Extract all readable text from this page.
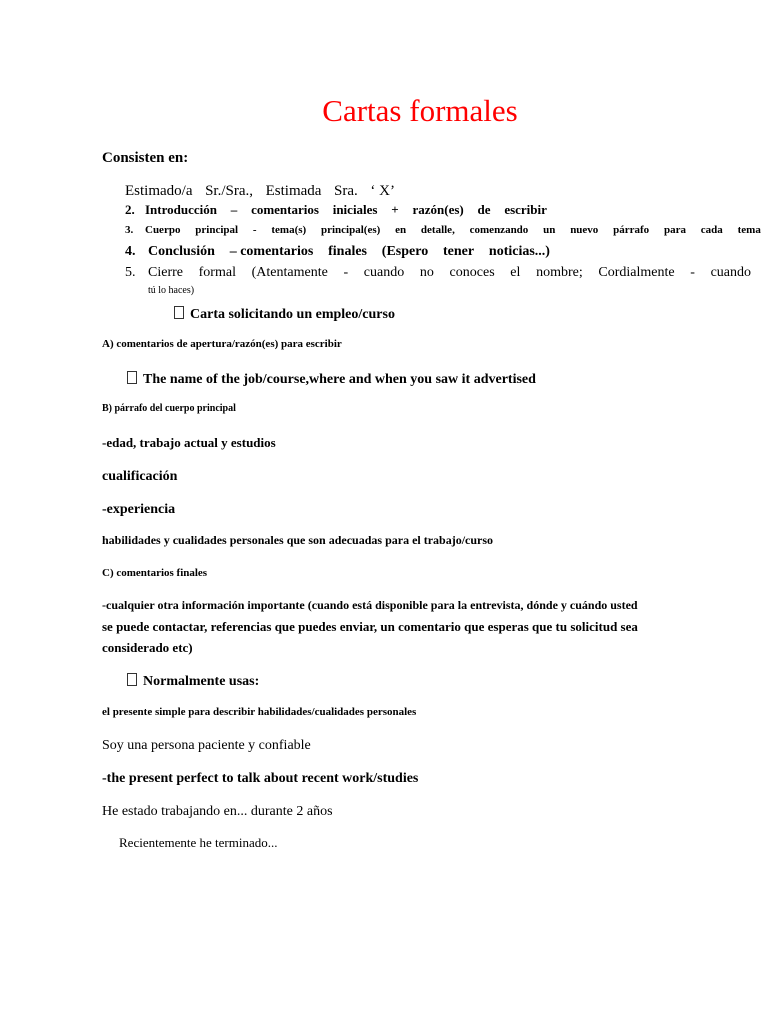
Cartas formales
Consisten en:
Estimado/a Sr./Sra., Estimada Sra. ‘ X’
2. Introducción – comentarios iniciales + razón(es) de escribir
3. Cuerpo principal - tema(s) principal(es) en detalle, comenzando un nuevo párrafo para cada tema
4. Conclusión – comentarios finales (Espero tener noticias...)
5. Cierre formal (Atentamente - cuando no conoces el nombre; Cordialmente - cuando
tú lo haces)
Carta solicitando un empleo/curso
A) comentarios de apertura/razón(es) para escribir
The name of the job/course,where and when you saw it advertised
B) párrafo del cuerpo principal
-edad, trabajo actual y estudios
cualificación
-experiencia
habilidades y cualidades personales que son adecuadas para el trabajo/curso
C) comentarios finales
-cualquier otra información importante (cuando está disponible para la entrevista, dónde y cuándo usted
se puede contactar, referencias que puedes enviar, un comentario que esperas que tu solicitud sea
considerado etc)
Normalmente usas:
el presente simple para describir habilidades/cualidades personales
Soy una persona paciente y confiable
-the present perfect to talk about recent work/studies
He estado trabajando en... durante 2 años
Recientemente he terminado...
